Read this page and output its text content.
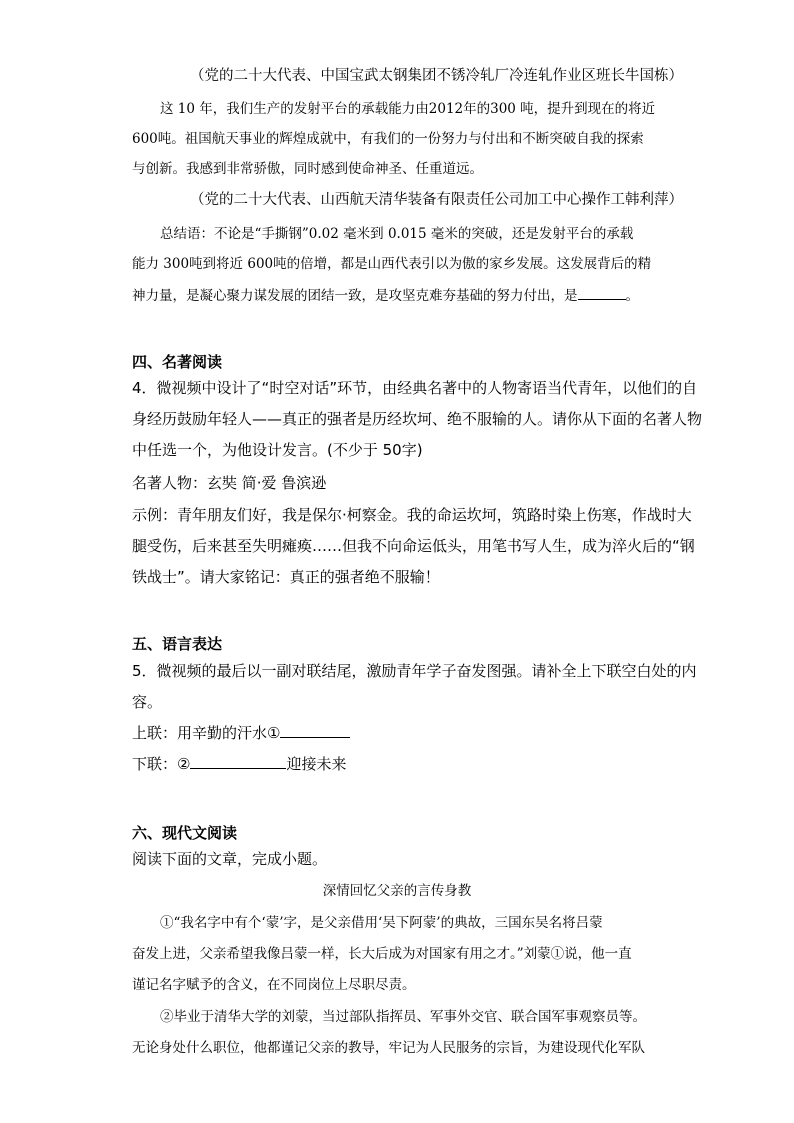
（党的二十大代表、中国宝武太钢集团不锈冷轧厂冷连轧作业区班长牛国栋）
这 10 年，我们生产的发射平台的承载能力由2012年的300 吨，提升到现在的将近
600吨。祖国航天事业的辉煌成就中，有我们的一份努力与付出和不断突破自我的探索
与创新。我感到非常骄傲，同时感到使命神圣、任重道远。
（党的二十大代表、山西航天清华装备有限责任公司加工中心操作工韩利萍）
总结语：不论是“手撕钢”0.02 毫米到 0.015 毫米的突破，还是发射平台的承载
能力 300吨到将近 600吨的倍增，都是山西代表引以为傲的家乡发展。这发展背后的精
神力量，是凝心聚力谋发展的团结一致，是攻坚克难夯基础的努力付出，是	。
四、名著阅读
4．微视频中设计了“时空对话”环节，由经典名著中的人物寄语当代青年，以他们的自
身经历鼓励年轻人——真正的强者是历经坎坷、绝不服输的人。请你从下面的名著人物
中任选一个，为他设计发言。(不少于 50字)
名著人物：玄奘 简·爱 鲁滨逊
示例：青年朋友们好，我是保尔·柯察金。我的命运坎坷，筑路时染上伤寒，作战时大
腿受伤，后来甚至失明瘫痪……但我不向命运低头，用笔书写人生，成为淬火后的“钢
铁战士”。请大家铭记：真正的强者绝不服输！
五、语言表达
5．微视频的最后以一副对联结尾，激励青年学子奋发图强。请补全上下联空白处的内
容。
上联：用辛勤的汗水①
下联：②	迎接未来
六、现代文阅读
阅读下面的文章，完成小题。
深情回忆父亲的言传身教
①“我名字中有个‘蒙’字，是父亲借用‘吴下阿蒙’的典故，三国东吴名将吕蒙
奋发上进，父亲希望我像吕蒙一样，长大后成为对国家有用之才。”刘蒙①说，他一直
谨记名字赋予的含义，在不同岗位上尽职尽责。
②毕业于清华大学的刘蒙，当过部队指挥员、军事外交官、联合国军事观察员等。
无论身处什么职位，他都谨记父亲的教导，牢记为人民服务的宗旨，为建设现代化军队
